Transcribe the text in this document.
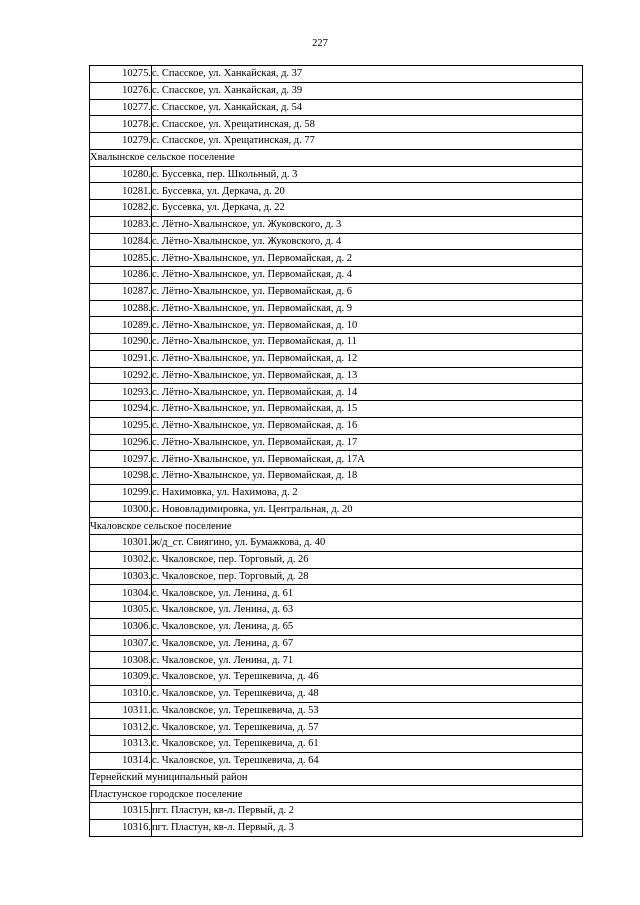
227
10275.	с. Спасское, ул. Ханкайская, д. 37
10276.	с. Спасское, ул. Ханкайская, д. 39
10277.	с. Спасское, ул. Ханкайская, д. 54
10278.	с. Спасское, ул. Хрещатинская, д. 58
10279.	с. Спасское, ул. Хрещатинская, д. 77
Хвалынское сельское поселение	
10280.	с. Буссевка, пер. Школьный, д. 3
10281.	с. Буссевка, ул. Деркача, д. 20
10282.	с. Буссевка, ул. Деркача, д. 22
10283.	с. Лётно-Хвалынское, ул. Жуковского, д. 3
10284.	с. Лётно-Хвалынское, ул. Жуковского, д. 4
10285.	с. Лётно-Хвалынское, ул. Первомайская, д. 2
10286.	с. Лётно-Хвалынское, ул. Первомайская, д. 4
10287.	с. Лётно-Хвалынское, ул. Первомайская, д. 6
10288.	с. Лётно-Хвалынское, ул. Первомайская, д. 9
10289.	с. Лётно-Хвалынское, ул. Первомайская, д. 10
10290.	с. Лётно-Хвалынское, ул. Первомайская, д. 11
10291.	с. Лётно-Хвалынское, ул. Первомайская, д. 12
10292.	с. Лётно-Хвалынское, ул. Первомайская, д. 13
10293.	с. Лётно-Хвалынское, ул. Первомайская, д. 14
10294.	с. Лётно-Хвалынское, ул. Первомайская, д. 15
10295.	с. Лётно-Хвалынское, ул. Первомайская, д. 16
10296.	с. Лётно-Хвалынское, ул. Первомайская, д. 17
10297.	с. Лётно-Хвалынское, ул. Первомайская, д. 17А
10298.	с. Лётно-Хвалынское, ул. Первомайская, д. 18
10299.	с. Нахимовка, ул. Нахимова, д. 2
10300.	с. Нововладимировка, ул. Центральная, д. 20
Чкаловское сельское поселение	
10301.	ж/д_ст. Свиягино, ул. Бумажкова, д. 40
10302.	с. Чкаловское, пер. Торговый, д. 26
10303.	с. Чкаловское, пер. Торговый, д. 28
10304.	с. Чкаловское, ул. Ленина, д. 61
10305.	с. Чкаловское, ул. Ленина, д. 63
10306.	с. Чкаловское, ул. Ленина, д. 65
10307.	с. Чкаловское, ул. Ленина, д. 67
10308.	с. Чкаловское, ул. Ленина, д. 71
10309.	с. Чкаловское, ул. Терешкевича, д. 46
10310.	с. Чкаловское, ул. Терешкевича, д. 48
10311.	с. Чкаловское, ул. Терешкевича, д. 53
10312.	с. Чкаловское, ул. Терешкевича, д. 57
10313.	с. Чкаловское, ул. Терешкевича, д. 61
10314.	с. Чкаловское, ул. Терешкевича, д. 64
Тернейский муниципальный район	
Пластунское городское поселение	
10315.	пгт. Пластун, кв-л. Первый, д. 2
10316.	пгт. Пластун, кв-л. Первый, д. 3
